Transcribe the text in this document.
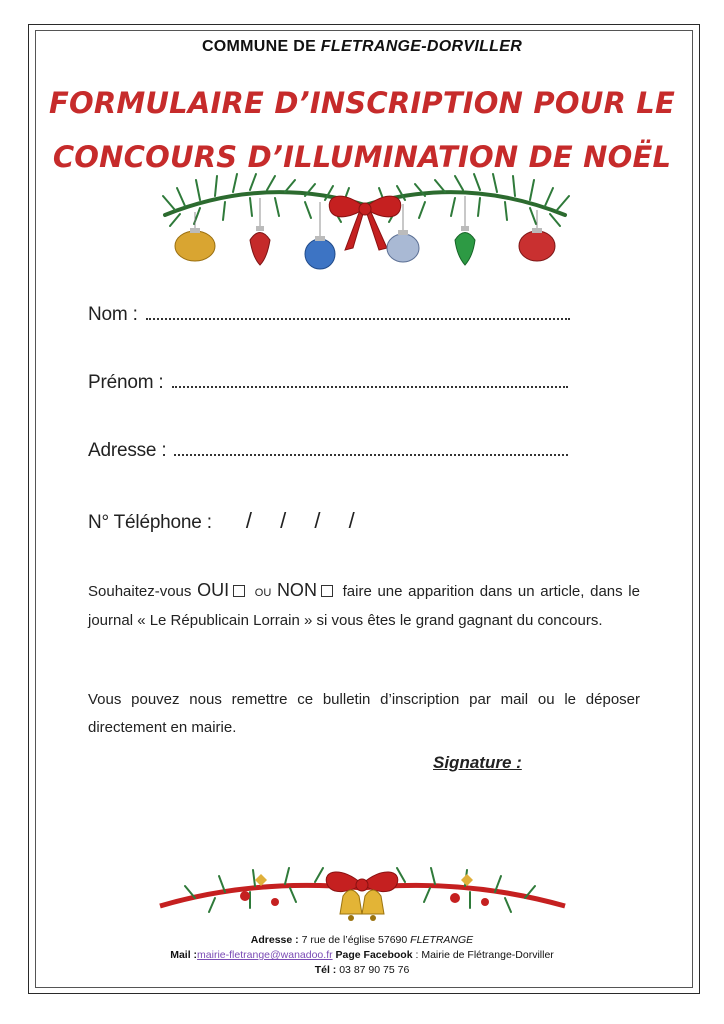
COMMUNE DE FLETRANGE-DORVILLER
FORMULAIRE D’INSCRIPTION POUR LE
CONCOURS D’ILLUMINATION DE NOËL
Nom :
Prénom :
Adresse :
N° Téléphone : / / / /
Souhaitez-vous OUI OU NON faire une apparition dans un article, dans le journal « Le Républicain Lorrain » si vous êtes le grand gagnant du concours.
Vous pouvez nous remettre ce bulletin d’inscription par mail ou le déposer directement en mairie.
Signature :
Adresse : 7 rue de l’église 57690 FLETRANGE
Mail :mairie-fletrange@wanadoo.fr Page Facebook : Mairie de Flétrange-Dorviller
Tél : 03 87 90 75 76
